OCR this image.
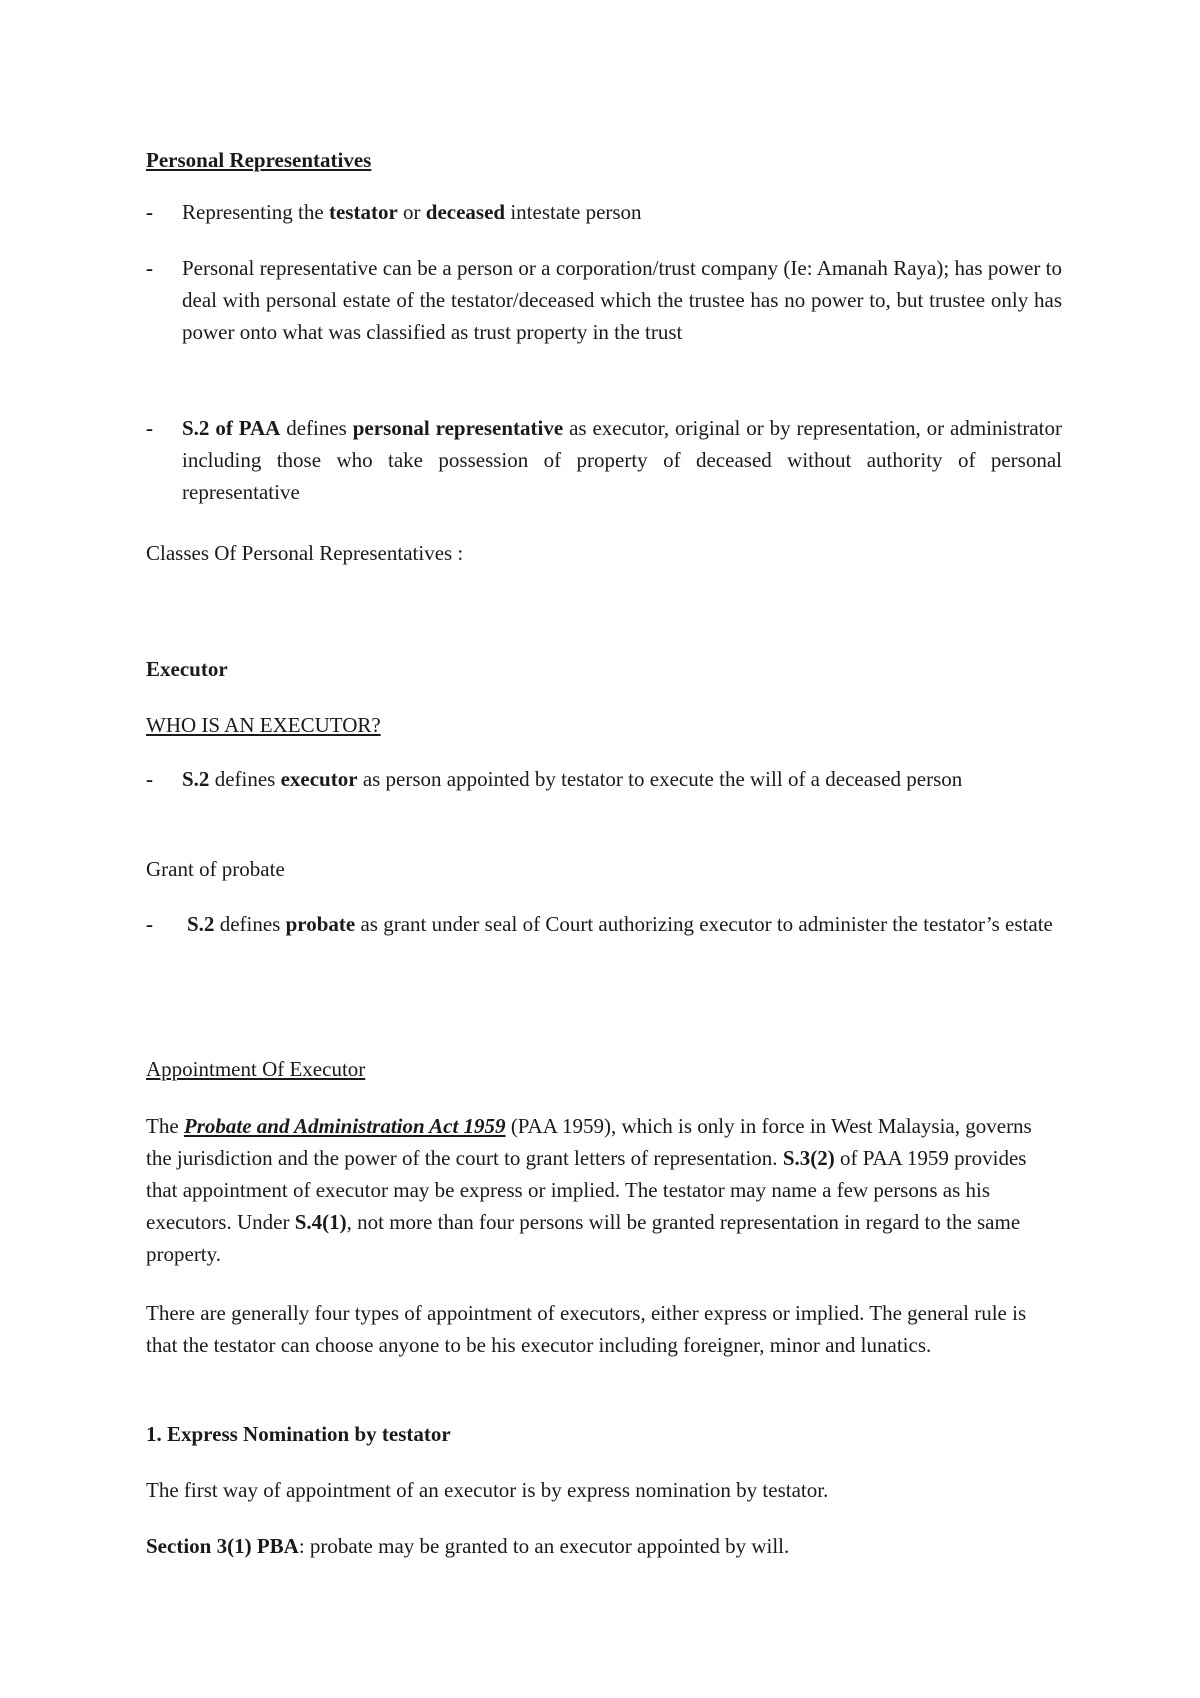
Personal Representatives
- Representing the testator or deceased intestate person
- Personal representative can be a person or a corporation/trust company (Ie: Amanah Raya); has power to deal with personal estate of the testator/deceased which the trustee has no power to, but trustee only has power onto what was classified as trust property in the trust
- S.2 of PAA defines personal representative as executor, original or by representation, or administrator including those who take possession of property of deceased without authority of personal representative
Classes Of Personal Representatives :
Executor
WHO IS AN EXECUTOR?
- S.2 defines executor as person appointed by testator to execute the will of a deceased person
Grant of probate
- S.2 defines probate as grant under seal of Court authorizing executor to administer the testator’s estate
Appointment Of Executor
The Probate and Administration Act 1959 (PAA 1959), which is only in force in West Malaysia, governs the jurisdiction and the power of the court to grant letters of representation. S.3(2) of PAA 1959 provides that appointment of executor may be express or implied. The testator may name a few persons as his executors. Under S.4(1), not more than four persons will be granted representation in regard to the same property.
There are generally four types of appointment of executors, either express or implied. The general rule is that the testator can choose anyone to be his executor including foreigner, minor and lunatics.
1. Express Nomination by testator
The first way of appointment of an executor is by express nomination by testator.
Section 3(1) PBA: probate may be granted to an executor appointed by will.
